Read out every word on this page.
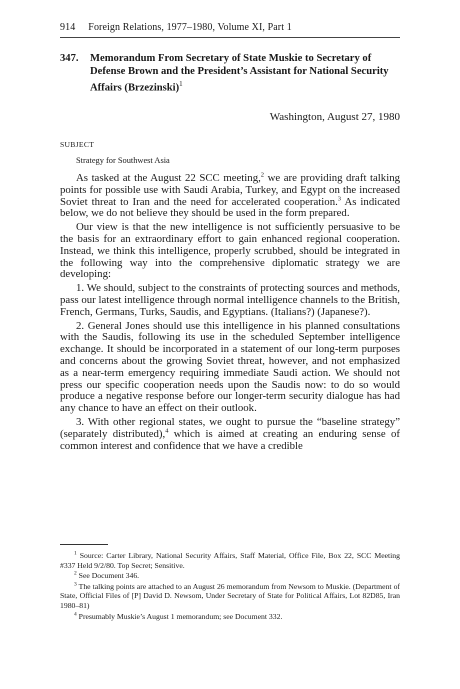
914     Foreign Relations, 1977–1980, Volume XI, Part 1
347. Memorandum From Secretary of State Muskie to Secretary of Defense Brown and the President’s Assistant for National Security Affairs (Brzezinski)$^1$
Washington, August 27, 1980
SUBJECT
Strategy for Southwest Asia

As tasked at the August 22 SCC meeting,$^2$ we are providing draft talking points for possible use with Saudi Arabia, Turkey, and Egypt on the increased Soviet threat to Iran and the need for accelerated cooperation.$^3$ As indicated below, we do not believe they should be used in the form prepared.

Our view is that the new intelligence is not sufficiently persuasive to be the basis for an extraordinary effort to gain enhanced regional cooperation. Instead, we think this intelligence, properly scrubbed, should be integrated in the following way into the comprehensive diplomatic strategy we are developing:

1. We should, subject to the constraints of protecting sources and methods, pass our latest intelligence through normal intelligence channels to the British, French, Germans, Turks, Saudis, and Egyptians. (Italians?) (Japanese?).

2. General Jones should use this intelligence in his planned consultations with the Saudis, following its use in the scheduled September intelligence exchange. It should be incorporated in a statement of our long-term purposes and concerns about the growing Soviet threat, however, and not emphasized as a near-term emergency requiring immediate Saudi action. We should not press our specific cooperation needs upon the Saudis now: to do so would produce a negative response before our longer-term security dialogue has had any chance to have an effect on their outlook.

3. With other regional states, we ought to pursue the “baseline strategy” (separately distributed),$^4$ which is aimed at creating an enduring sense of common interest and confidence that we have a credible

$^1$ Source: Carter Library, National Security Affairs, Staff Material, Office File, Box 22, SCC Meeting #337 Held 9/2/80. Top Secret; Sensitive.

$^2$ See Document 346.

$^3$ The talking points are attached to an August 26 memorandum from Newsom to Muskie. (Department of State, Official Files of [P] David D. Newsom, Under Secretary of State for Political Affairs, Lot 82D85, Iran 1980–81)

$^4$ Presumably Muskie’s August 1 memorandum; see Document 332.
